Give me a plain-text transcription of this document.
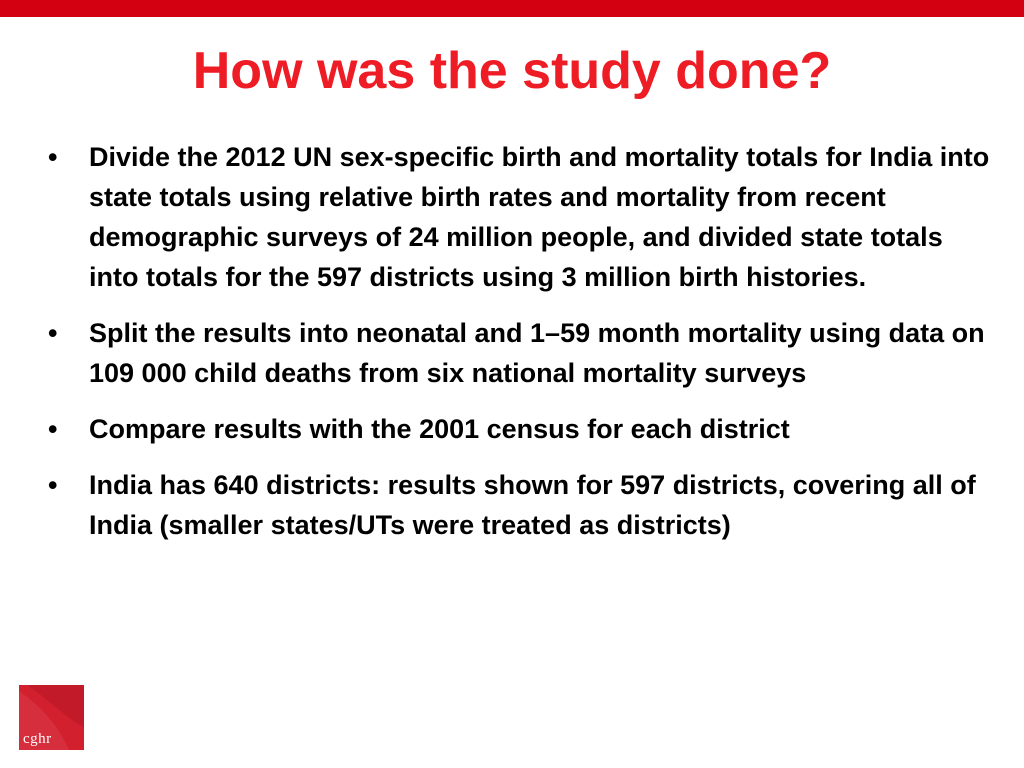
How was the study done?
• Divide the 2012 UN sex-specific birth and mortality totals for India into state totals using relative birth rates and mortality from recent demographic surveys of 24 million people, and divided state totals into totals for the 597 districts using 3 million birth histories.
• Split the results into neonatal and 1–59 month mortality using data on 109 000 child deaths from six national mortality surveys
• Compare results with the 2001 census for each district
• India has 640 districts: results shown for 597 districts, covering all of India (smaller states/UTs were treated as districts)
cghr
